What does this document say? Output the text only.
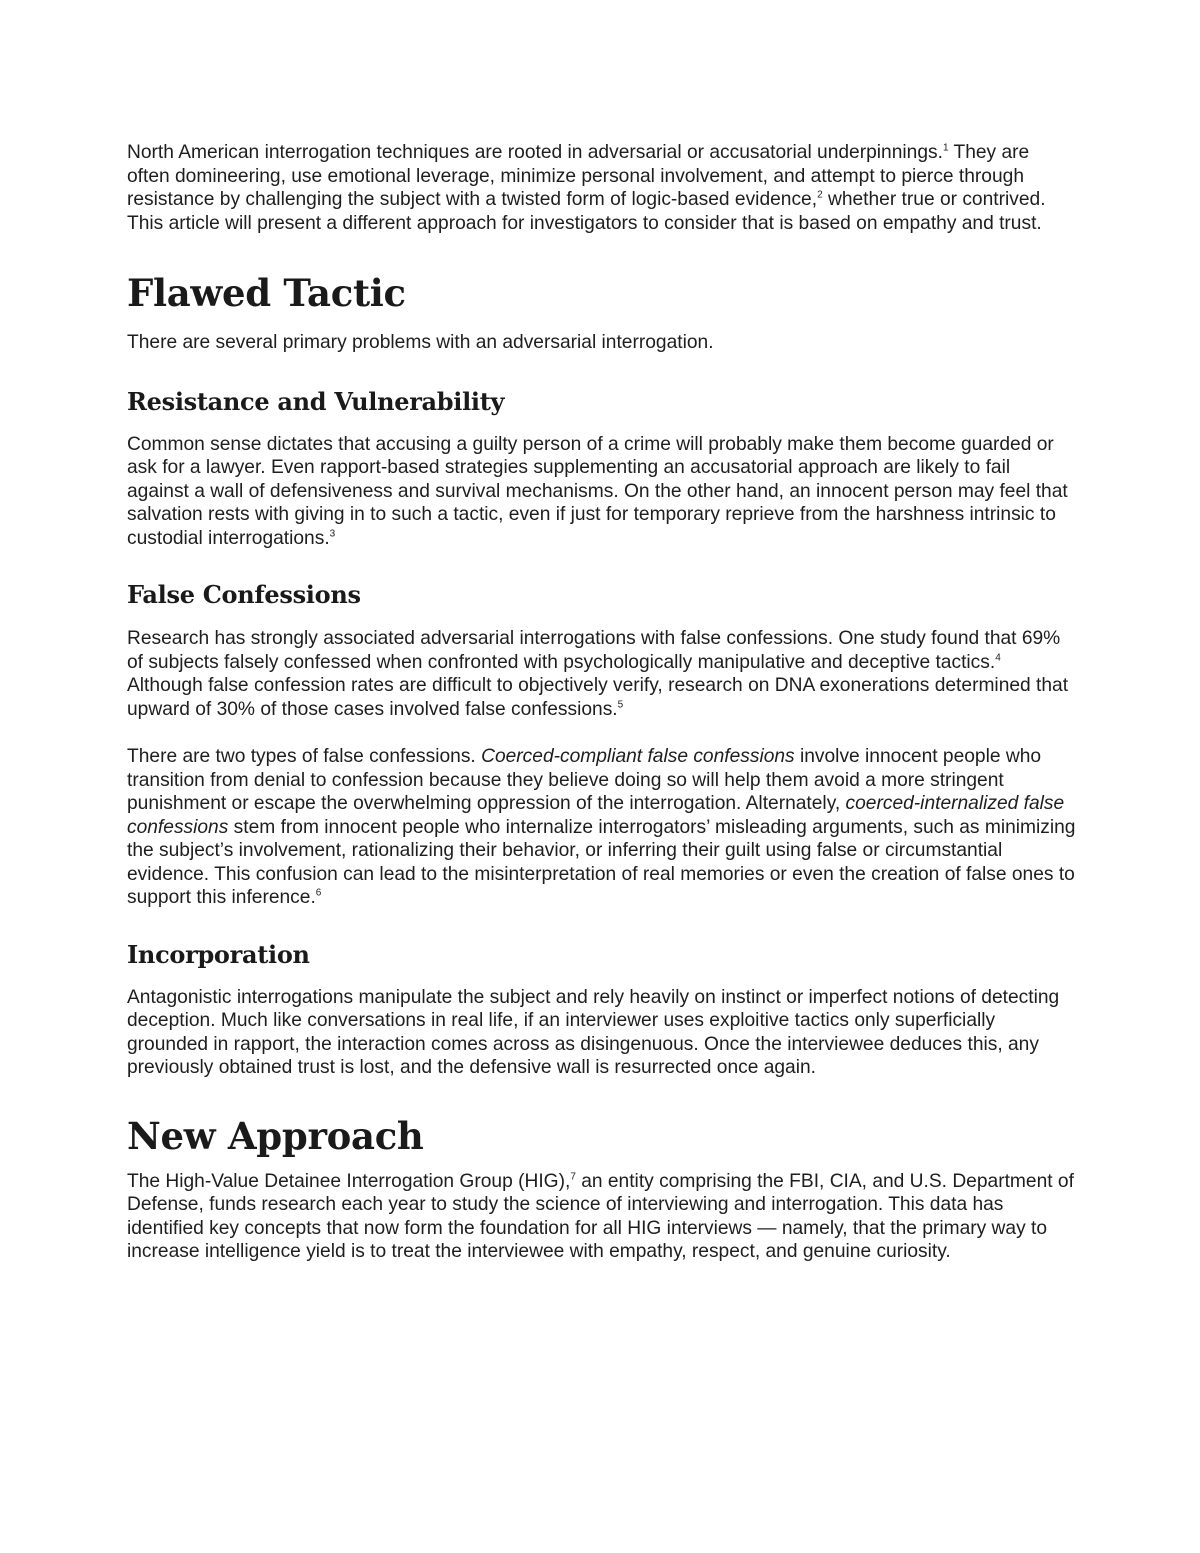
North American interrogation techniques are rooted in adversarial or accusatorial underpinnings.$^1$ They are often domineering, use emotional leverage, minimize personal involvement, and attempt to pierce through resistance by challenging the subject with a twisted form of logic-based evidence,$^2$ whether true or contrived. This article will present a different approach for investigators to consider that is based on empathy and trust.

Flawed Tactic

There are several primary problems with an adversarial interrogation.

Resistance and Vulnerability

Common sense dictates that accusing a guilty person of a crime will probably make them become guarded or ask for a lawyer. Even rapport-based strategies supplementing an accusatorial approach are likely to fail against a wall of defensiveness and survival mechanisms. On the other hand, an innocent person may feel that salvation rests with giving in to such a tactic, even if just for temporary reprieve from the harshness intrinsic to custodial interrogations.$^3$

False Confessions

Research has strongly associated adversarial interrogations with false confessions. One study found that 69% of subjects falsely confessed when confronted with psychologically manipulative and deceptive tactics.$^4$ Although false confession rates are difficult to objectively verify, research on DNA exonerations determined that upward of 30% of those cases involved false confessions.$^5$

There are two types of false confessions. Coerced-compliant false confessions involve innocent people who transition from denial to confession because they believe doing so will help them avoid a more stringent punishment or escape the overwhelming oppression of the interrogation. Alternately, coerced-internalized false confessions stem from innocent people who internalize interrogators’ misleading arguments, such as minimizing the subject’s involvement, rationalizing their behavior, or inferring their guilt using false or circumstantial evidence. This confusion can lead to the misinterpretation of real memories or even the creation of false ones to support this inference.$^6$

Incorporation

Antagonistic interrogations manipulate the subject and rely heavily on instinct or imperfect notions of detecting deception. Much like conversations in real life, if an interviewer uses exploitive tactics only superficially grounded in rapport, the interaction comes across as disingenuous. Once the interviewee deduces this, any previously obtained trust is lost, and the defensive wall is resurrected once again.

New Approach

The High-Value Detainee Interrogation Group (HIG),$^7$ an entity comprising the FBI, CIA, and U.S. Department of Defense, funds research each year to study the science of interviewing and interrogation. This data has identified key concepts that now form the foundation for all HIG interviews — namely, that the primary way to increase intelligence yield is to treat the interviewee with empathy, respect, and genuine curiosity.
